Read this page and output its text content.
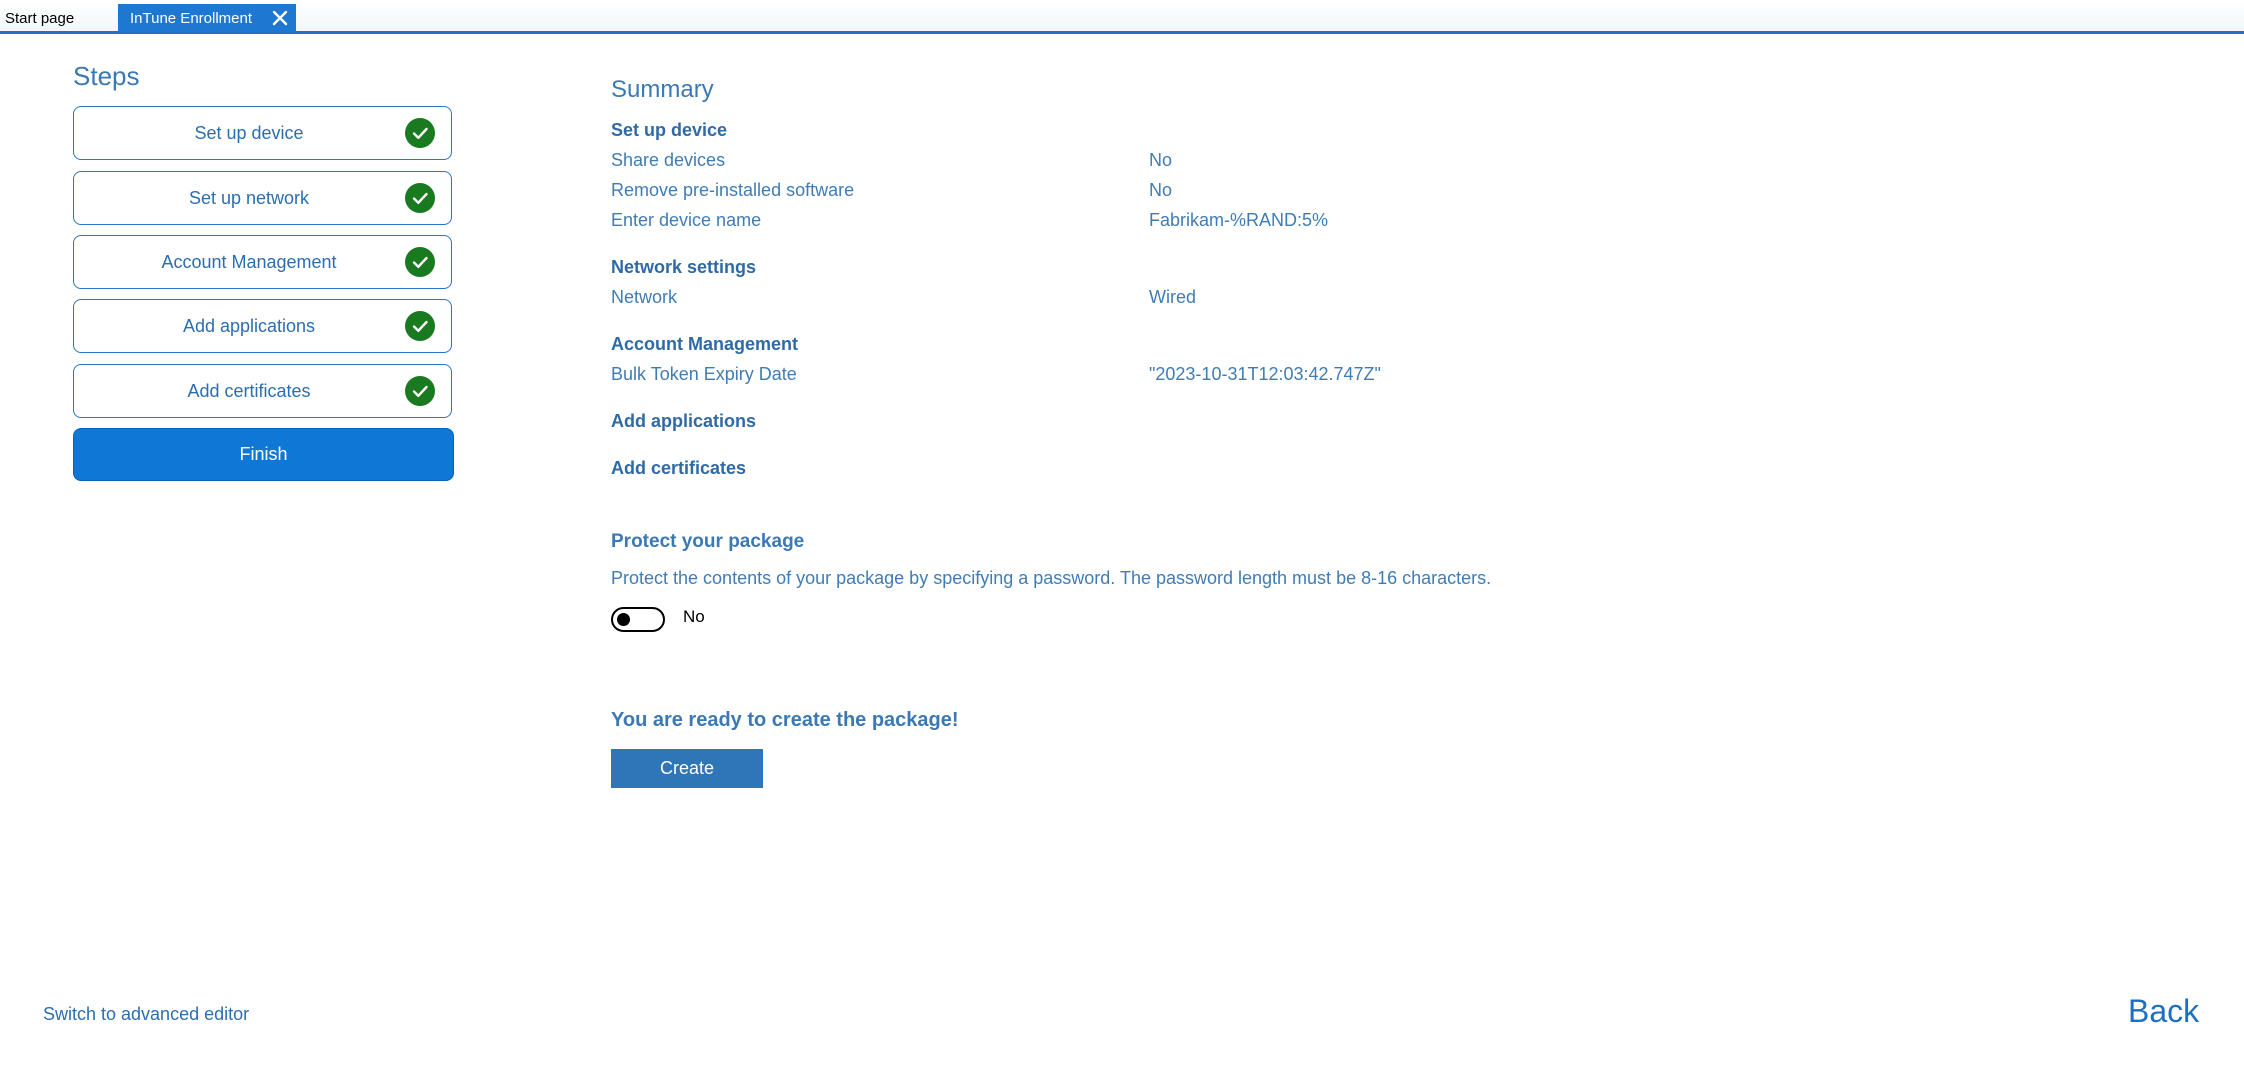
Start page	InTune Enrollment
Steps
Set up device
Set up network
Account Management
Add applications
Add certificates
Finish
Summary
Set up device
Share devices	No
Remove pre-installed software	No
Enter device name	Fabrikam-%RAND:5%
Network settings
Network	Wired
Account Management
Bulk Token Expiry Date	"2023-10-31T12:03:42.747Z"
Add applications
Add certificates
Protect your package
Protect the contents of your package by specifying a password. The password length must be 8-16 characters.
No
You are ready to create the package!
Create
Switch to advanced editor	Back
